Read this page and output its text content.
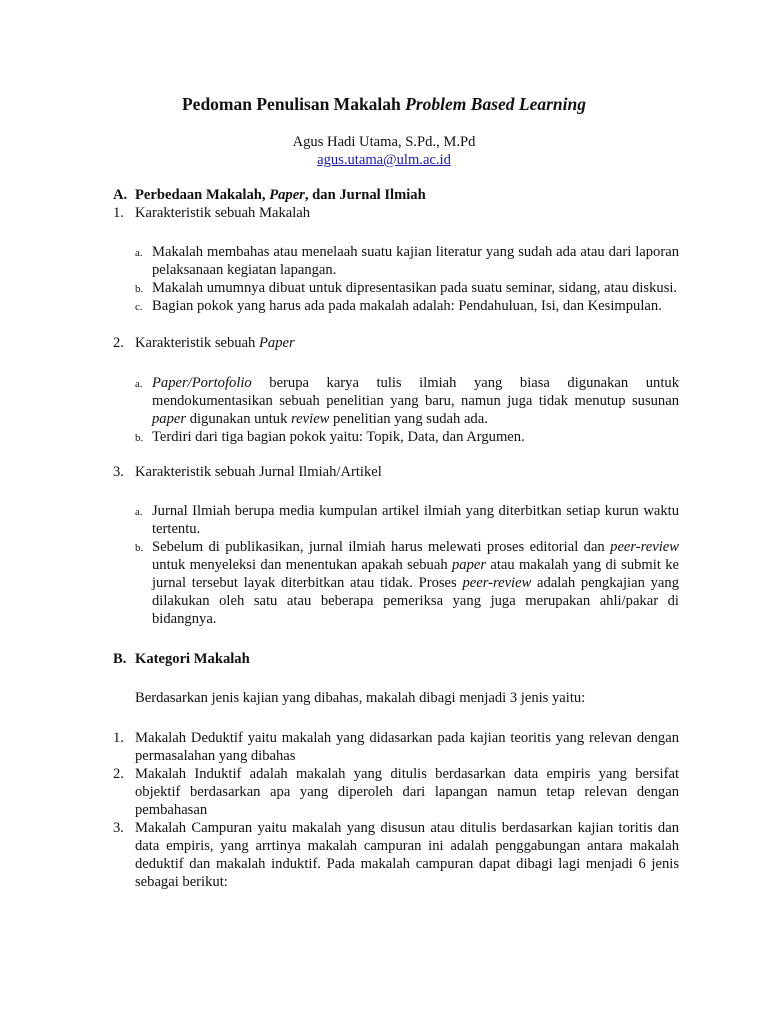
Pedoman Penulisan Makalah Problem Based Learning
Agus Hadi Utama, S.Pd., M.Pd
agus.utama@ulm.ac.id
A. Perbedaan Makalah, Paper, dan Jurnal Ilmiah
1. Karakteristik sebuah Makalah
a. Makalah membahas atau menelaah suatu kajian literatur yang sudah ada atau dari laporan pelaksanaan kegiatan lapangan.
b. Makalah umumnya dibuat untuk dipresentasikan pada suatu seminar, sidang, atau diskusi.
c. Bagian pokok yang harus ada pada makalah adalah: Pendahuluan, Isi, dan Kesimpulan.
2. Karakteristik sebuah Paper
a. Paper/Portofolio berupa karya tulis ilmiah yang biasa digunakan untuk mendokumentasikan sebuah penelitian yang baru, namun juga tidak menutup susunan paper digunakan untuk review penelitian yang sudah ada.
b. Terdiri dari tiga bagian pokok yaitu: Topik, Data, dan Argumen.
3. Karakteristik sebuah Jurnal Ilmiah/Artikel
a. Jurnal Ilmiah berupa media kumpulan artikel ilmiah yang diterbitkan setiap kurun waktu tertentu.
b. Sebelum di publikasikan, jurnal ilmiah harus melewati proses editorial dan peer-review untuk menyeleksi dan menentukan apakah sebuah paper atau makalah yang di submit ke jurnal tersebut layak diterbitkan atau tidak. Proses peer-review adalah pengkajian yang dilakukan oleh satu atau beberapa pemeriksa yang juga merupakan ahli/pakar di bidangnya.
B. Kategori Makalah
Berdasarkan jenis kajian yang dibahas, makalah dibagi menjadi 3 jenis yaitu:
1. Makalah Deduktif yaitu makalah yang didasarkan pada kajian teoritis yang relevan dengan permasalahan yang dibahas
2. Makalah Induktif adalah makalah yang ditulis berdasarkan data empiris yang bersifat objektif berdasarkan apa yang diperoleh dari lapangan namun tetap relevan dengan pembahasan
3. Makalah Campuran yaitu makalah yang disusun atau ditulis berdasarkan kajian toritis dan data empiris, yang arrtinya makalah campuran ini adalah penggabungan antara makalah deduktif dan makalah induktif. Pada makalah campuran dapat dibagi lagi menjadi 6 jenis sebagai berikut:
